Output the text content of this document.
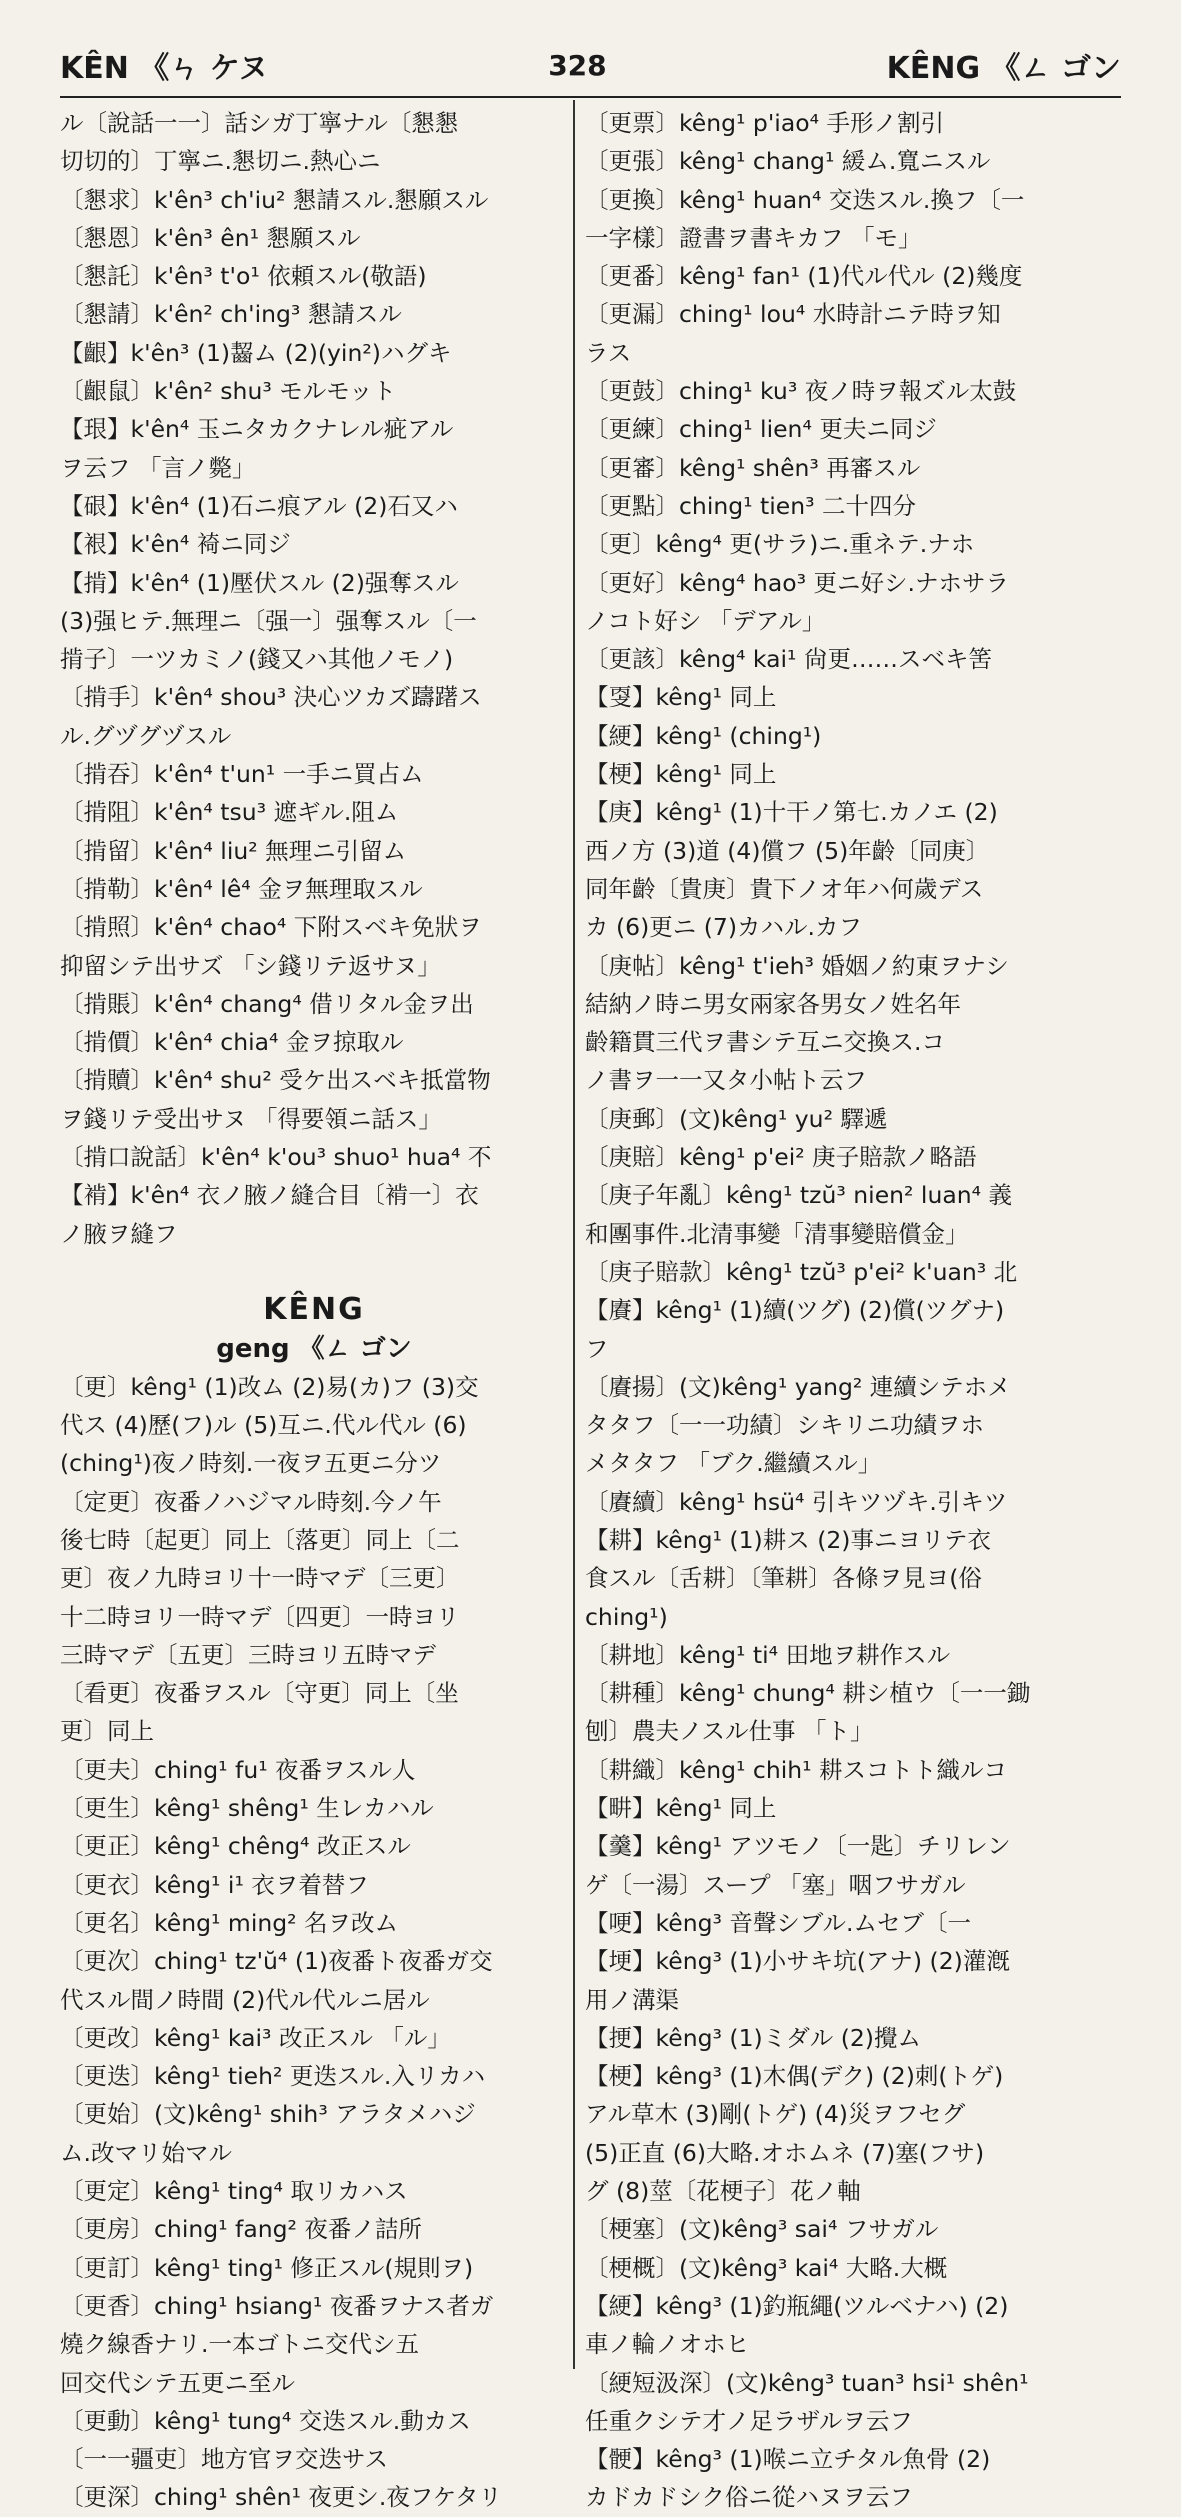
KÊN 《ㄣ ケヌ	328	KÊNG 《ㄥ ゴン
ル〔說話一一〕話シガ丁寧ナル〔懇懇
切切的〕丁寧ニ.懇切ニ.熱心ニ
〔懇求〕k'ên³ ch'iu² 懇請スル.懇願スル
〔懇恩〕k'ên³ ên¹ 懇願スル
〔懇託〕k'ên³ t'o¹ 依頼スル(敬語)
〔懇請〕k'ên² ch'ing³ 懇請スル
【齦】k'ên³ (1)齧ム (2)(yin²)ハグキ
〔齦鼠〕k'ên² shu³ モルモット
【珢】k'ên⁴ 玉ニタカクナレル疵アル
ヲ云フ 「言ノ斃」
【硍】k'ên⁴ (1)石ニ痕アル (2)石又ハ
【裉】k'ên⁴ 裿ニ同ジ
【掯】k'ên⁴ (1)壓伏スル (2)强奪スル
(3)强ヒテ.無理ニ〔强一〕强奪スル〔一
掯子〕一ツカミノ(錢又ハ其他ノモノ)
〔掯手〕k'ên⁴ shou³ 決心ツカズ躊躇ス
ル.グヅグヅスル
〔掯吞〕k'ên⁴ t'un¹ 一手ニ買占ム
〔掯阻〕k'ên⁴ tsu³ 遮ギル.阻ム
〔掯留〕k'ên⁴ liu² 無理ニ引留ム
〔掯勒〕k'ên⁴ lê⁴ 金ヲ無理取スル
〔掯照〕k'ên⁴ chao⁴ 下附スベキ免狀ヲ
抑留シテ出サズ 「シ錢リテ返サヌ」
〔掯賬〕k'ên⁴ chang⁴ 借リタル金ヲ出
〔掯價〕k'ên⁴ chia⁴ 金ヲ掠取ル
〔掯贖〕k'ên⁴ shu² 受ケ出スベキ抵當物
ヲ錢リテ受出サヌ 「得要領ニ話ス」
〔掯口說話〕k'ên⁴ k'ou³ shuo¹ hua⁴ 不
【褃】k'ên⁴ 衣ノ腋ノ縫合目〔褃一〕衣
ノ腋ヲ縫フ
KÊNG
geng 《ㄥ ゴン
〔更〕kêng¹ (1)改ム (2)易(カ)フ (3)交
代ス (4)歷(フ)ル (5)互ニ.代ル代ル (6)
(ching¹)夜ノ時刻.一夜ヲ五更ニ分ツ
〔定更〕夜番ノハジマル時刻.今ノ午
後七時〔起更〕同上〔落更〕同上〔二
更〕夜ノ九時ヨリ十一時マデ〔三更〕
十二時ヨリ一時マデ〔四更〕一時ヨリ
三時マデ〔五更〕三時ヨリ五時マデ
〔看更〕夜番ヲスル〔守更〕同上〔坐
更〕同上
〔更夫〕ching¹ fu¹ 夜番ヲスル人
〔更生〕kêng¹ shêng¹ 生レカハル
〔更正〕kêng¹ chêng⁴ 改正スル
〔更衣〕kêng¹ i¹ 衣ヲ着替フ
〔更名〕kêng¹ ming² 名ヲ改ム
〔更次〕ching¹ tz'ŭ⁴ (1)夜番ト夜番ガ交
代スル間ノ時間 (2)代ル代ルニ居ル
〔更改〕kêng¹ kai³ 改正スル 「ル」
〔更迭〕kêng¹ tieh² 更迭スル.入リカハ
〔更始〕(文)kêng¹ shih³ アラタメハジ
ム.改マリ始マル
〔更定〕kêng¹ ting⁴ 取リカハス
〔更房〕ching¹ fang² 夜番ノ詰所
〔更訂〕kêng¹ ting¹ 修正スル(規則ヲ)
〔更香〕ching¹ hsiang¹ 夜番ヲナス者ガ
燒ク線香ナリ.一本ゴトニ交代シ五
回交代シテ五更ニ至ル
〔更動〕kêng¹ tung⁴ 交迭スル.動カス
〔一一疆吏〕地方官ヲ交迭サス
〔更深〕ching¹ shên¹ 夜更シ.夜フケタリ
〔更票〕kêng¹ p'iao⁴ 手形ノ割引
〔更張〕kêng¹ chang¹ 緩ム.寬ニスル
〔更換〕kêng¹ huan⁴ 交迭スル.換フ〔一
一字樣〕證書ヲ書キカフ 「モ」
〔更番〕kêng¹ fan¹ (1)代ル代ル (2)幾度
〔更漏〕ching¹ lou⁴ 水時計ニテ時ヲ知
ラス
〔更鼓〕ching¹ ku³ 夜ノ時ヲ報ズル太鼓
〔更練〕ching¹ lien⁴ 更夫ニ同ジ
〔更審〕kêng¹ shên³ 再審スル
〔更點〕ching¹ tien³ 二十四分
〔更〕kêng⁴ 更(サラ)ニ.重ネテ.ナホ
〔更好〕kêng⁴ hao³ 更ニ好シ.ナホサラ
ノコト好シ 「デアル」
〔更該〕kêng⁴ kai¹ 尙更……スベキ筈
【㪅】kêng¹ 同上
【綆】kêng¹ (ching¹)
【梗】kêng¹ 同上
【庚】kêng¹ (1)十干ノ第七.カノエ (2)
西ノ方 (3)道 (4)償フ (5)年齡〔同庚〕
同年齡〔貴庚〕貴下ノオ年ハ何歲デス
カ (6)更ニ (7)カハル.カフ
〔庚帖〕kêng¹ t'ieh³ 婚姻ノ約東ヲナシ
結納ノ時ニ男女兩家各男女ノ姓名年
齡籍貫三代ヲ書シテ互ニ交換ス.コ
ノ書ヲ一一又タ小帖ト云フ
〔庚郵〕(文)kêng¹ yu² 驛遞
〔庚賠〕kêng¹ p'ei² 庚子賠款ノ略語
〔庚子年亂〕kêng¹ tzŭ³ nien² luan⁴ 義
和團事件.北清事變「清事變賠償金」
〔庚子賠款〕kêng¹ tzŭ³ p'ei² k'uan³ 北
【賡】kêng¹ (1)續(ツグ) (2)償(ツグナ)
フ
〔賡揚〕(文)kêng¹ yang² 連續シテホメ
タタフ〔一一功績〕シキリニ功績ヲホ
メタタフ 「ブク.繼續スル」
〔賡續〕kêng¹ hsü⁴ 引キツヅキ.引キツ
【耕】kêng¹ (1)耕ス (2)事ニヨリテ衣
食スル〔舌耕〕〔筆耕〕各條ヲ見ヨ(俗
ching¹)
〔耕地〕kêng¹ ti⁴ 田地ヲ耕作スル
〔耕種〕kêng¹ chung⁴ 耕シ植ウ〔一一鋤
刨〕農夫ノスル仕事 「ト」
〔耕織〕kêng¹ chih¹ 耕スコトト織ルコ
【畊】kêng¹ 同上
【羹】kêng¹ アツモノ〔一匙〕チリレン
ゲ〔一湯〕スープ 「塞」咽フサガル
【哽】kêng³ 音聲シブル.ムセブ〔一
【埂】kêng³ (1)小サキ坑(アナ) (2)灌漑
用ノ溝渠
【挭】kêng³ (1)ミダル (2)攪ム
【梗】kêng³ (1)木偶(デク) (2)刺(トゲ)
アル草木 (3)剛(トゲ) (4)災ヲフセグ
(5)正直 (6)大略.オホムネ (7)塞(フサ)
グ (8)莖〔花梗子〕花ノ軸
〔梗塞〕(文)kêng³ sai⁴ フサガル
〔梗概〕(文)kêng³ kai⁴ 大略.大概
【綆】kêng³ (1)釣瓶繩(ツルベナハ) (2)
車ノ輪ノオホヒ
〔綆短汲深〕(文)kêng³ tuan³ hsi¹ shên¹
任重クシテ才ノ足ラザルヲ云フ
【骾】kêng³ (1)喉ニ立チタル魚骨 (2)
カドカドシク俗ニ從ハヌヲ云フ
